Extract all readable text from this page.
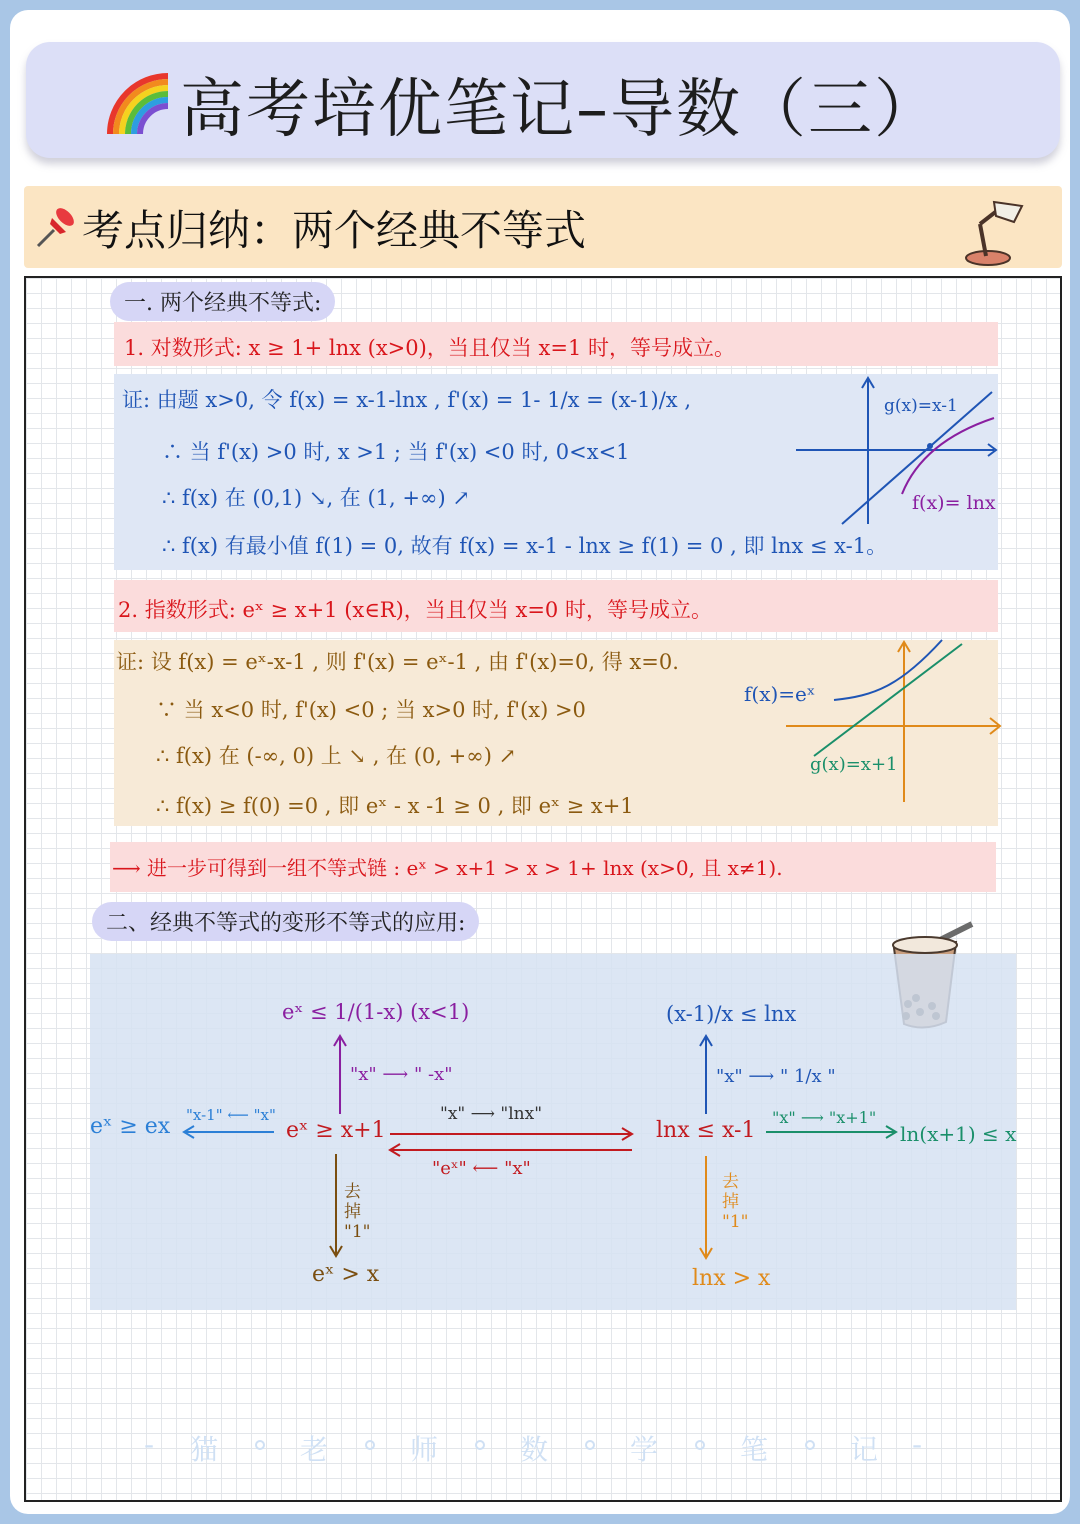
高考培优笔记–导数（三）
考点归纳：两个经典不等式
一. 两个经典不等式:
1. 对数形式: x ≥ 1+ lnx (x>0)，当且仅当 x=1 时，等号成立。
证: 由题 x>0, 令 f(x) = x-1-lnx , f'(x) = 1- 1/x = (x-1)/x ,
∴ 当 f'(x) >0 时, x >1 ; 当 f'(x) <0 时, 0<x<1
∴ f(x) 在 (0,1) ↘, 在 (1, +∞) ↗
∴ f(x) 有最小值 f(1) = 0, 故有 f(x) = x-1 - lnx ≥ f(1) = 0 , 即 lnx ≤ x-1。
g(x)=x-1
f(x)= lnx
2. 指数形式: eˣ ≥ x+1 (x∈R)，当且仅当 x=0 时，等号成立。
证: 设 f(x) = eˣ-x-1 , 则 f'(x) = eˣ-1 , 由 f'(x)=0, 得 x=0.
∵ 当 x<0 时, f'(x) <0 ; 当 x>0 时, f'(x) >0
∴ f(x) 在 (-∞, 0) 上 ↘ , 在 (0, +∞) ↗
∴ f(x) ≥ f(0) =0 , 即 eˣ - x -1 ≥ 0 , 即 eˣ ≥ x+1
f(x)=eˣ
g(x)=x+1
⟶ 进一步可得到一组不等式链 : eˣ > x+1 > x > 1+ lnx (x>0, 且 x≠1).
二、经典不等式的变形不等式的应用:
eˣ ≥ x+1	lnx ≤ x-1
"x" ⟶ "lnx"
"eˣ" ⟵ "x"
eˣ ≤ 1/(1-x) (x<1)
"x" ⟶ " -x"
eˣ ≥ ex "x-1" ⟵ "x"
去掉 "1"
eˣ > x
(x-1)/x ≤ lnx
"x" ⟶ " 1/x "
ln(x+1) ≤ x
"x" ⟶ "x+1"
去掉 "1"
lnx > x
- 猫	老	师	数	学	笔	记 -
